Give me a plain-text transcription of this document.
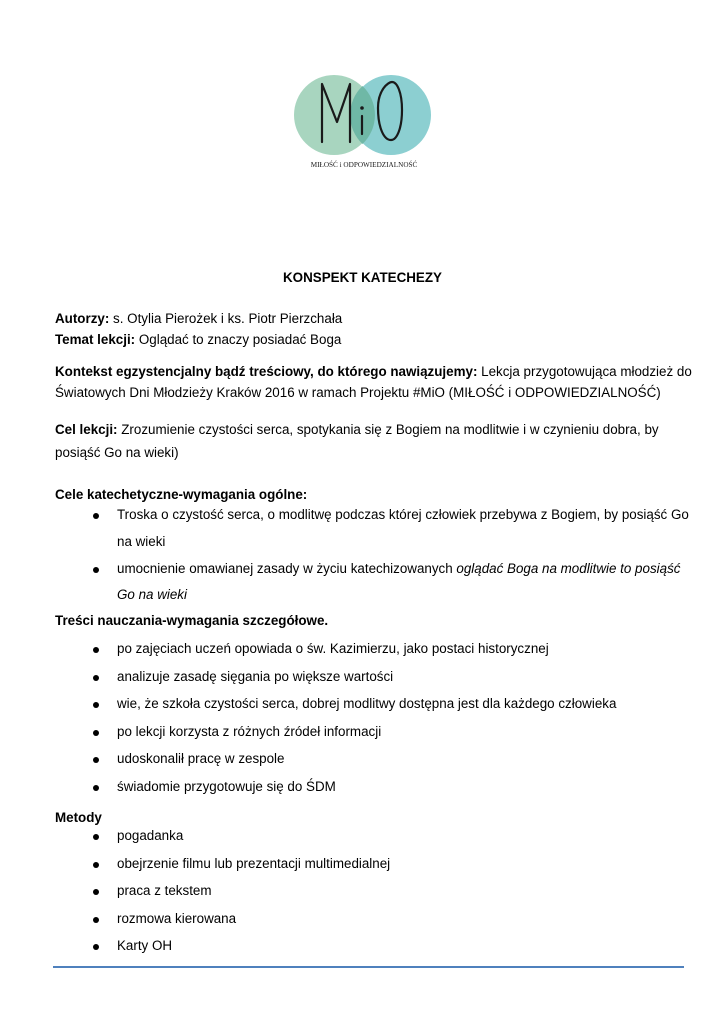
MIŁOŚĆ i ODPOWIEDZIALNOŚĆ
KONSPEKT KATECHEZY
Autorzy: s. Otylia Pierożek i ks. Piotr Pierzchała
Temat lekcji: Oglądać to znaczy posiadać Boga
Kontekst egzystencjalny bądź treściowy, do którego nawiązujemy: Lekcja przygotowująca młodzież do
Światowych Dni Młodzieży Kraków 2016 w ramach Projektu #MiO (MIŁOŚĆ i ODPOWIEDZIALNOŚĆ)
Cel lekcji: Zrozumienie czystości serca, spotykania się z Bogiem na modlitwie i w czynieniu dobra, by
posiąść Go na wieki)
Cele katechetyczne-wymagania ogólne:
Troska o czystość serca, o modlitwę podczas której człowiek przebywa z Bogiem, by posiąść Go
na wieki
umocnienie omawianej zasady w życiu katechizowanych oglądać Boga na modlitwie to posiąść
Go na wieki
Treści nauczania-wymagania szczegółowe.
po zajęciach uczeń opowiada o św. Kazimierzu, jako postaci historycznej
analizuje zasadę sięgania po większe wartości
wie, że szkoła czystości serca, dobrej modlitwy dostępna jest dla każdego człowieka
po lekcji korzysta z różnych źródeł informacji
udoskonalił pracę w zespole
świadomie przygotowuje się do ŚDM
Metody
pogadanka
obejrzenie filmu lub prezentacji multimedialnej
praca z tekstem
rozmowa kierowana
Karty OH
